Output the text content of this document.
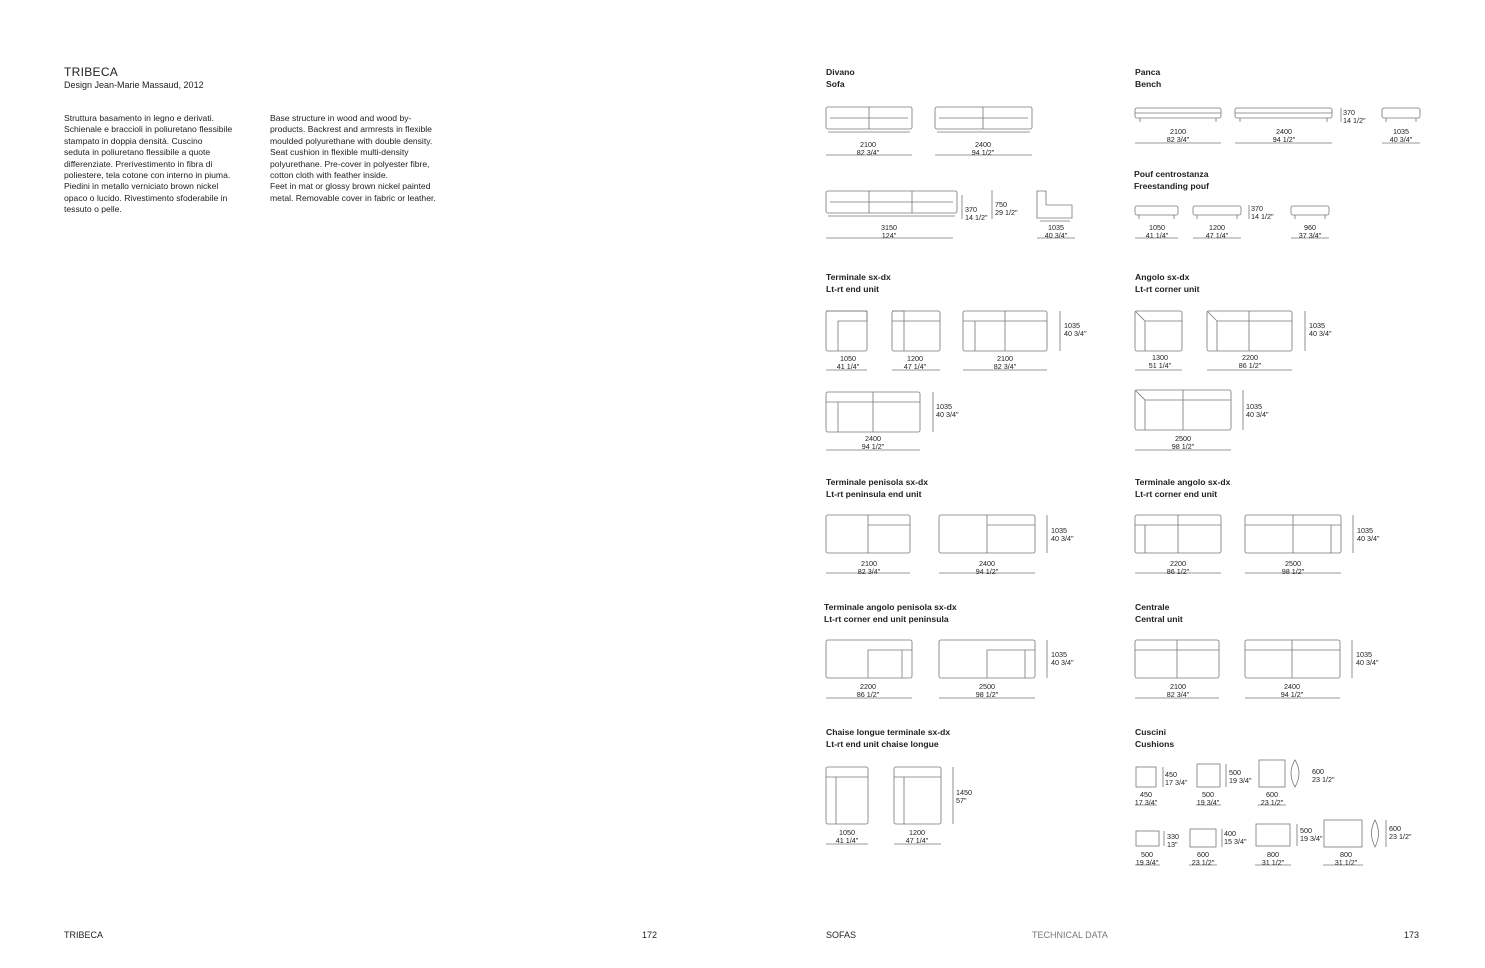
TRIBECA
Design Jean-Marie Massaud, 2012
Struttura basamento in legno e derivati.
Schienale e braccioli in poliuretano flessibile
stampato in doppia densità. Cuscino
seduta in poliuretano flessibile a quote
differenziate. Prerivestimento in fibra di
poliestere, tela cotone con interno in piuma.
Piedini in metallo verniciato brown nickel
opaco o lucido. Rivestimento sfoderabile in
tessuto o pelle.
Base structure in wood and wood by-
products. Backrest and armrests in flexible
moulded polyurethane with double density.
Seat cushion in flexible multi-density
polyurethane. Pre-cover in polyester fibre,
cotton cloth with feather inside.
Feet in mat or glossy brown nickel painted
metal. Removable cover in fabric or leather.
Divano
Sofa
Panca
Bench
Pouf centrostanza
Freestanding pouf
Terminale sx-dx
Lt-rt end unit
Angolo sx-dx
Lt-rt corner unit
Terminale penisola sx-dx
Lt-rt peninsula end unit
Terminale angolo sx-dx
Lt-rt corner end unit
Terminale angolo penisola sx-dx
Lt-rt corner end unit peninsula
Centrale
Central unit
Chaise longue terminale sx-dx
Lt-rt end unit chaise longue
Cuscini
Cushions
2100
82 3/4"
2400
94 1/2"
3150
124"
1035
40 3/4"
370
14 1/2"
750
29 1/2"
2100
82 3/4"
2400
94 1/2"
1035
40 3/4"
370
14 1/2"
1050
41 1/4"
1200
47 1/4"
960
37 3/4"
370
14 1/2"
1050
41 1/4"
1200
47 1/4"
2100
82 3/4"
1035
40 3/4"
2400
94 1/2"
1035
40 3/4"
1300
51 1/4"
2200
86 1/2"
1035
40 3/4"
2500
98 1/2"
1035
40 3/4"
2100
82 3/4"
2400
94 1/2"
1035
40 3/4"
2200
86 1/2"
2500
98 1/2"
1035
40 3/4"
2200
86 1/2"
2500
98 1/2"
1035
40 3/4"
2100
82 3/4"
2400
94 1/2"
1035
40 3/4"
1050
41 1/4"
1200
47 1/4"
1450
57"
450
17 3/4"
450
17 3/4"
500
19 3/4"
500
19 3/4"
600
23 1/2"
600
23 1/2"
500
19 3/4"
330
13"
600
23 1/2"
400
15 3/4"
800
31 1/2"
500
19 3/4"
800
31 1/2"
600
23 1/2"
TRIBECA	172	SOFAS	TECHNICAL DATA	173
